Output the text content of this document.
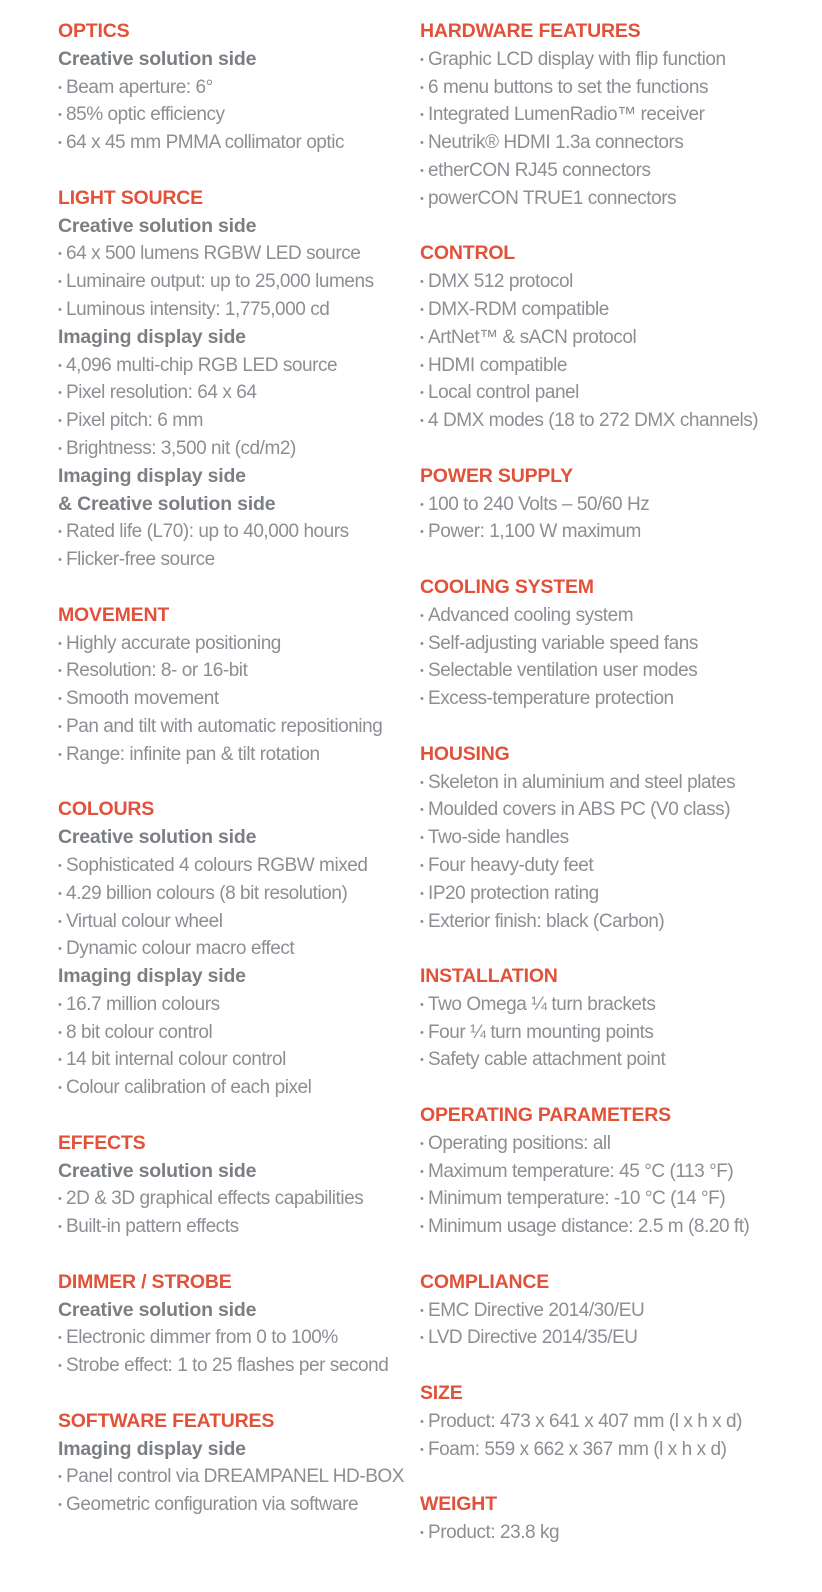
OPTICS
Creative solution side
• Beam aperture: 6°
• 85% optic efficiency
• 64 x 45 mm PMMA collimator optic
LIGHT SOURCE
Creative solution side
• 64 x 500 lumens RGBW LED source
• Luminaire output: up to 25,000 lumens
• Luminous intensity: 1,775,000 cd
Imaging display side
• 4,096 multi-chip RGB LED source
• Pixel resolution: 64 x 64
• Pixel pitch: 6 mm
• Brightness: 3,500 nit (cd/m2)
Imaging display side
& Creative solution side
• Rated life (L70): up to 40,000 hours
• Flicker-free source
MOVEMENT
• Highly accurate positioning
• Resolution: 8- or 16-bit
• Smooth movement
• Pan and tilt with automatic repositioning
• Range: infinite pan & tilt rotation
COLOURS
Creative solution side
• Sophisticated 4 colours RGBW mixed
• 4.29 billion colours (8 bit resolution)
• Virtual colour wheel
• Dynamic colour macro effect
Imaging display side
• 16.7 million colours
• 8 bit colour control
• 14 bit internal colour control
• Colour calibration of each pixel
EFFECTS
Creative solution side
• 2D & 3D graphical effects capabilities
• Built-in pattern effects
DIMMER / STROBE
Creative solution side
• Electronic dimmer from 0 to 100%
• Strobe effect: 1 to 25 flashes per second
SOFTWARE FEATURES
Imaging display side
• Panel control via DREAMPANEL HD-BOX
• Geometric configuration via software
HARDWARE FEATURES
• Graphic LCD display with flip function
• 6 menu buttons to set the functions
• Integrated LumenRadio™ receiver
• Neutrik® HDMI 1.3a connectors
• etherCON RJ45 connectors
• powerCON TRUE1 connectors
CONTROL
• DMX 512 protocol
• DMX-RDM compatible
• ArtNet™ & sACN protocol
• HDMI compatible
• Local control panel
• 4 DMX modes (18 to 272 DMX channels)
POWER SUPPLY
• 100 to 240 Volts – 50/60 Hz
• Power: 1,100 W maximum
COOLING SYSTEM
• Advanced cooling system
• Self-adjusting variable speed fans
• Selectable ventilation user modes
• Excess-temperature protection
HOUSING
• Skeleton in aluminium and steel plates
• Moulded covers in ABS PC (V0 class)
• Two-side handles
• Four heavy-duty feet
• IP20 protection rating
• Exterior finish: black (Carbon)
INSTALLATION
• Two Omega ¼ turn brackets
• Four ¼ turn mounting points
• Safety cable attachment point
OPERATING PARAMETERS
• Operating positions: all
• Maximum temperature: 45 °C (113 °F)
• Minimum temperature: -10 °C (14 °F)
• Minimum usage distance: 2.5 m (8.20 ft)
COMPLIANCE
• EMC Directive 2014/30/EU
• LVD Directive 2014/35/EU
SIZE
• Product: 473 x 641 x 407 mm (l x h x d)
• Foam: 559 x 662 x 367 mm (l x h x d)
WEIGHT
• Product: 23.8 kg
